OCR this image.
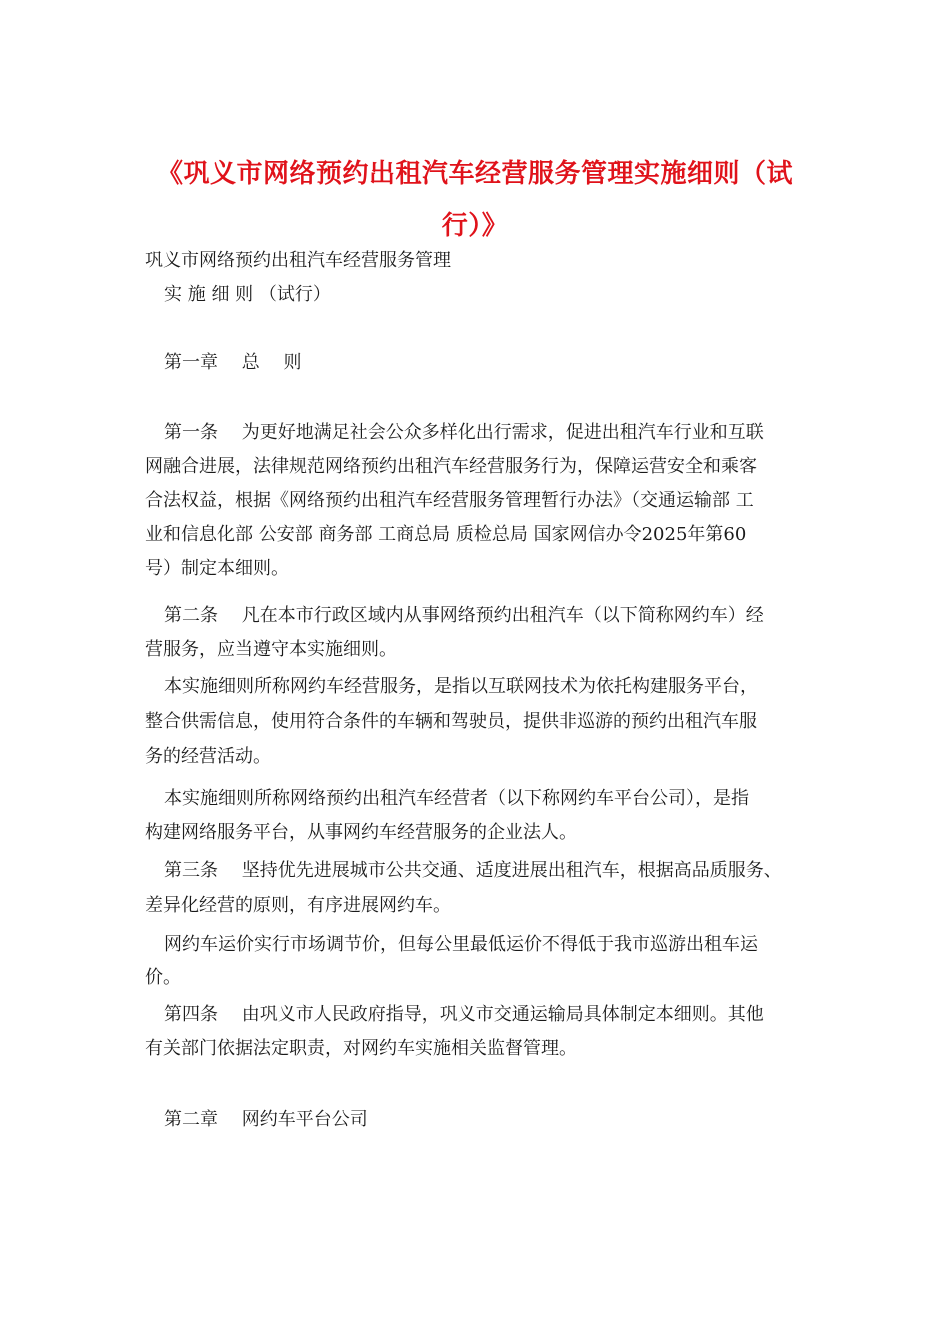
《巩义市网络预约出租汽车经营服务管理实施细则（试
行）》
巩义市网络预约出租汽车经营服务管理
实 施 细 则 （试行）
第一章　 总　 则
第一条　 为更好地满足社会公众多样化出行需求，促进出租汽车行业和互联
网融合进展，法律规范网络预约出租汽车经营服务行为，保障运营安全和乘客
合法权益，根据《网络预约出租汽车经营服务管理暂行办法》（交通运输部 工
业和信息化部 公安部 商务部 工商总局 质检总局 国家网信办令2025年第60
号）制定本细则。
第二条　 凡在本市行政区域内从事网络预约出租汽车（以下简称网约车）经
营服务，应当遵守本实施细则。
本实施细则所称网约车经营服务，是指以互联网技术为依托构建服务平台，
整合供需信息，使用符合条件的车辆和驾驶员，提供非巡游的预约出租汽车服
务的经营活动。
本实施细则所称网络预约出租汽车经营者（以下称网约车平台公司），是指
构建网络服务平台，从事网约车经营服务的企业法人。
第三条　 坚持优先进展城市公共交通、适度进展出租汽车，根据高品质服务、
差异化经营的原则，有序进展网约车。
网约车运价实行市场调节价，但每公里最低运价不得低于我市巡游出租车运
价。
第四条　 由巩义市人民政府指导，巩义市交通运输局具体制定本细则。其他
有关部门依据法定职责，对网约车实施相关监督管理。
第二章　 网约车平台公司
